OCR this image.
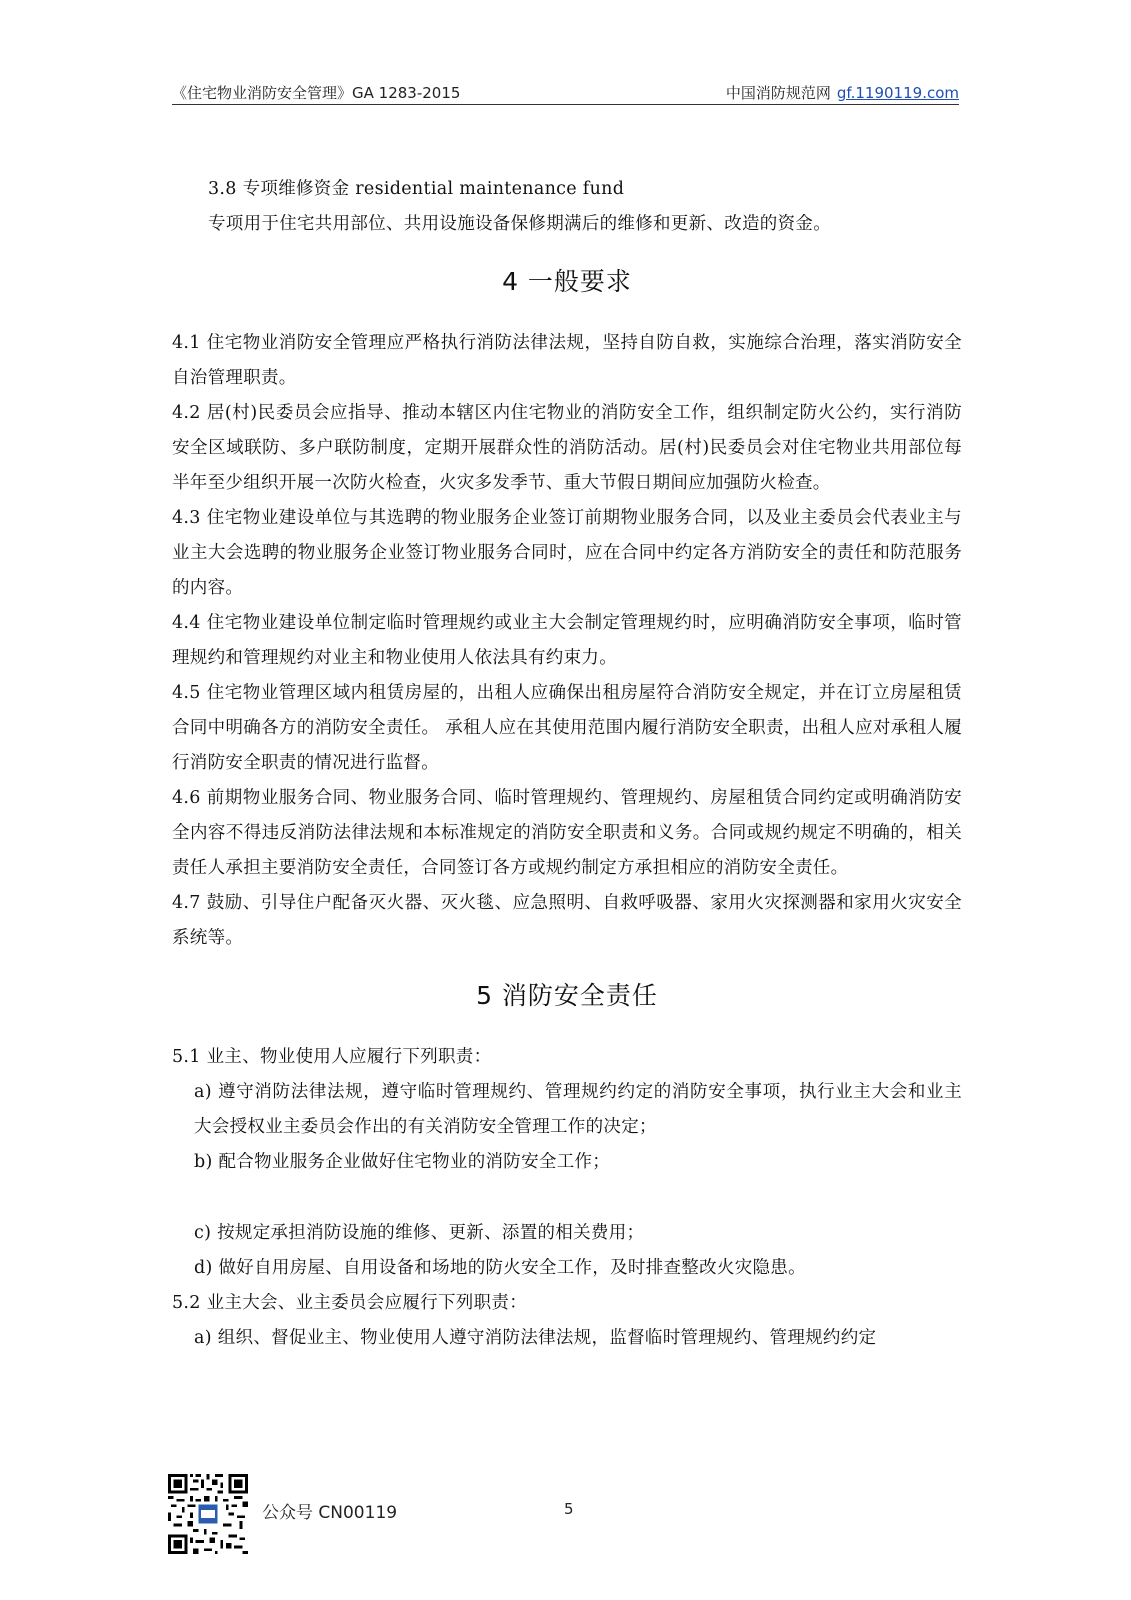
《住宅物业消防安全管理》GA 1283-2015	中国消防规范网 gf.1190119.com

3.8 专项维修资金 residential maintenance fund

专项用于住宅共用部位、共用设施设备保修期满后的维修和更新、改造的资金。

4 一般要求

4.1 住宅物业消防安全管理应严格执行消防法律法规，坚持自防自救，实施综合治理，落实消防安全自治管理职责。

4.2 居(村)民委员会应指导、推动本辖区内住宅物业的消防安全工作，组织制定防火公约，实行消防安全区域联防、多户联防制度，定期开展群众性的消防活动。居(村)民委员会对住宅物业共用部位每半年至少组织开展一次防火检查，火灾多发季节、重大节假日期间应加强防火检查。

4.3 住宅物业建设单位与其选聘的物业服务企业签订前期物业服务合同，以及业主委员会代表业主与业主大会选聘的物业服务企业签订物业服务合同时，应在合同中约定各方消防安全的责任和防范服务的内容。

4.4 住宅物业建设单位制定临时管理规约或业主大会制定管理规约时，应明确消防安全事项，临时管理规约和管理规约对业主和物业使用人依法具有约束力。

4.5 住宅物业管理区域内租赁房屋的，出租人应确保出租房屋符合消防安全规定，并在订立房屋租赁合同中明确各方的消防安全责任。 承租人应在其使用范围内履行消防安全职责，出租人应对承租人履行消防安全职责的情况进行监督。

4.6 前期物业服务合同、物业服务合同、临时管理规约、管理规约、房屋租赁合同约定或明确消防安全内容不得违反消防法律法规和本标准规定的消防安全职责和义务。合同或规约规定不明确的，相关责任人承担主要消防安全责任，合同签订各方或规约制定方承担相应的消防安全责任。

4.7 鼓励、引导住户配备灭火器、灭火毯、应急照明、自救呼吸器、家用火灾探测器和家用火灾安全系统等。

5 消防安全责任

5.1 业主、物业使用人应履行下列职责：

a) 遵守消防法律法规，遵守临时管理规约、管理规约约定的消防安全事项，执行业主大会和业主大会授权业主委员会作出的有关消防安全管理工作的决定；

b) 配合物业服务企业做好住宅物业的消防安全工作；

c) 按规定承担消防设施的维修、更新、添置的相关费用；

d) 做好自用房屋、自用设备和场地的防火安全工作，及时排查整改火灾隐患。

5.2 业主大会、业主委员会应履行下列职责：

a) 组织、督促业主、物业使用人遵守消防法律法规，监督临时管理规约、管理规约约定

公众号 CN00119	5
